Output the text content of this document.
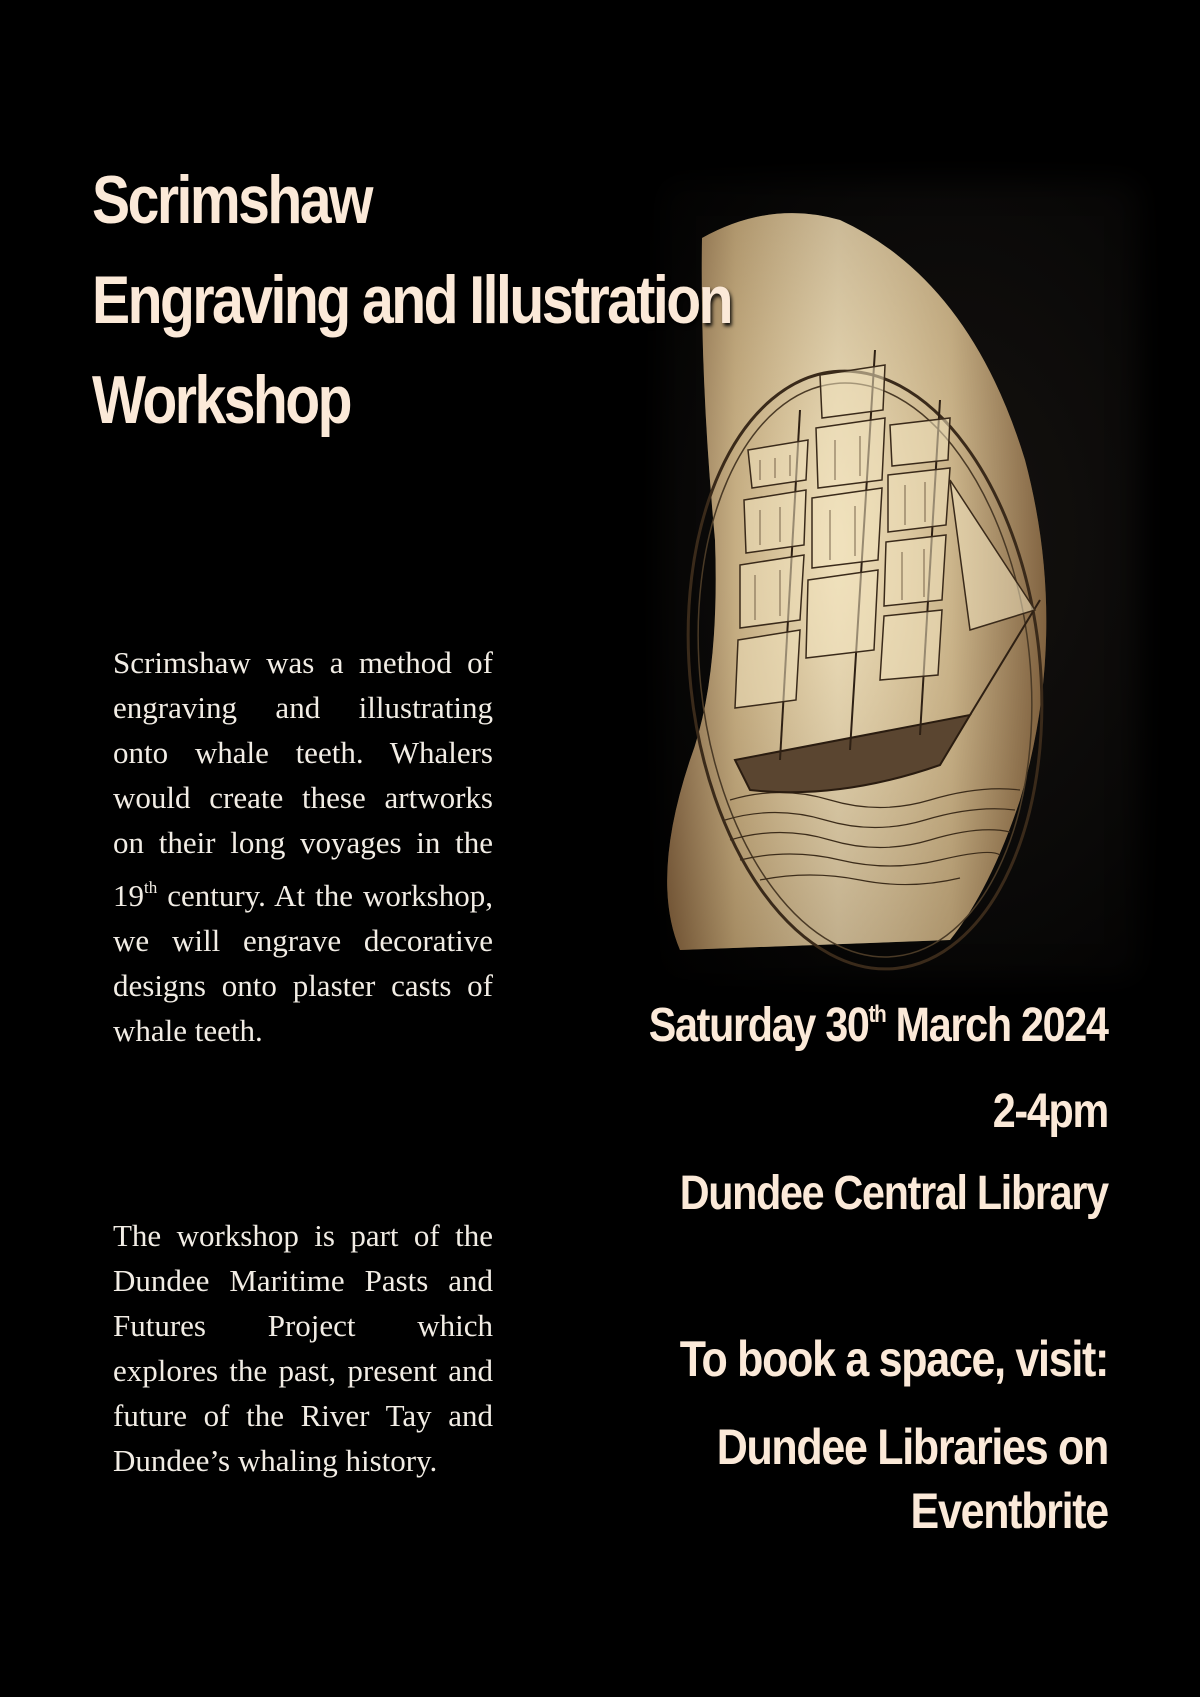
Scrimshaw
Engraving and Illustration
Workshop

Scrimshaw was a method of engraving and illustrating onto whale teeth. Whalers would create these artworks on their long voyages in the 19th century. At the workshop, we will engrave decorative designs onto plaster casts of whale teeth.

The workshop is part of the Dundee Maritime Pasts and Futures Project which explores the past, present and future of the River Tay and Dundee’s whaling history.

Saturday 30th March 2024
2-4pm
Dundee Central Library
To book a space, visit:
Dundee Libraries on
Eventbrite
